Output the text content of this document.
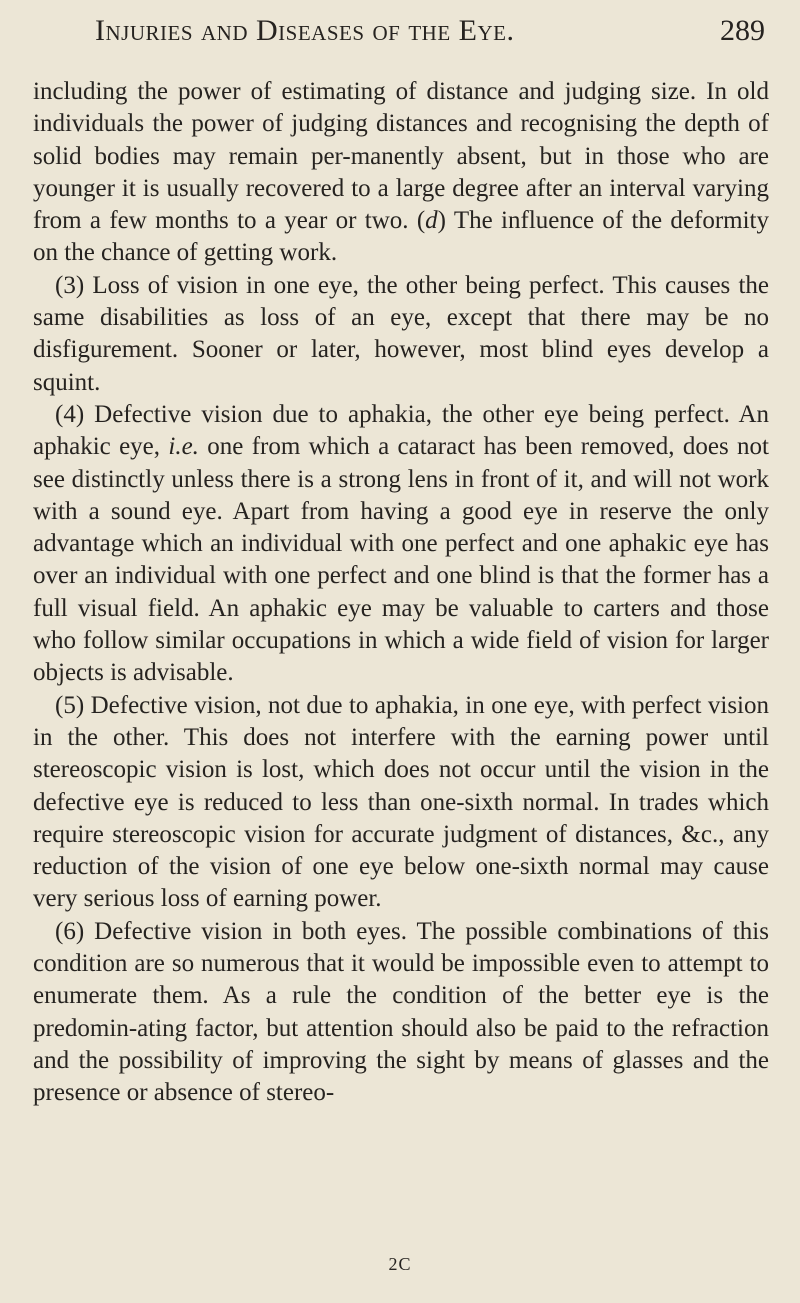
Injuries and Diseases of the Eye.	289

including the power of estimating of distance and judging size. In old individuals the power of judging distances and recognising the depth of solid bodies may remain per-manently absent, but in those who are younger it is usually recovered to a large degree after an interval varying from a few months to a year or two. (d) The influence of the deformity on the chance of getting work.

(3) Loss of vision in one eye, the other being perfect. This causes the same disabilities as loss of an eye, except that there may be no disfigurement. Sooner or later, however, most blind eyes develop a squint.

(4) Defective vision due to aphakia, the other eye being perfect. An aphakic eye, i.e. one from which a cataract has been removed, does not see distinctly unless there is a strong lens in front of it, and will not work with a sound eye. Apart from having a good eye in reserve the only advantage which an individual with one perfect and one aphakic eye has over an individual with one perfect and one blind is that the former has a full visual field. An aphakic eye may be valuable to carters and those who follow similar occupations in which a wide field of vision for larger objects is advisable.

(5) Defective vision, not due to aphakia, in one eye, with perfect vision in the other. This does not interfere with the earning power until stereoscopic vision is lost, which does not occur until the vision in the defective eye is reduced to less than one-sixth normal. In trades which require stereoscopic vision for accurate judgment of distances, &c., any reduction of the vision of one eye below one-sixth normal may cause very serious loss of earning power.

(6) Defective vision in both eyes. The possible combinations of this condition are so numerous that it would be impossible even to attempt to enumerate them. As a rule the condition of the better eye is the predomin-ating factor, but attention should also be paid to the refraction and the possibility of improving the sight by means of glasses and the presence or absence of stereo-

2C
